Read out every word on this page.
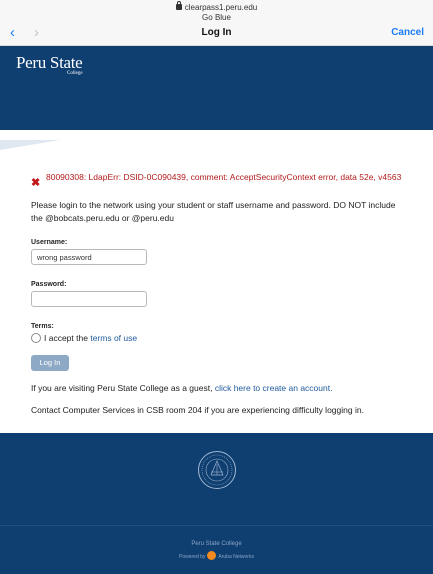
clearpass1.peru.edu
Go Blue
‹ ›	Log In	Cancel
Peru State
College
✖ 80090308: LdapErr: DSID-0C090439, comment: AcceptSecurityContext error, data 52e, v4563

Please login to the network using your student or staff username and password. DO NOT include the @bobcats.peru.edu or @peru.edu

Username:
wrong password
Password:
Terms:
I accept the
terms of use
Log In

If you are visiting Peru State College as a guest, click here to create an account.

Contact Computer Services in CSB room 204 if you are experiencing difficulty logging in.

Peru State College
Powered by	Aruba Networks
